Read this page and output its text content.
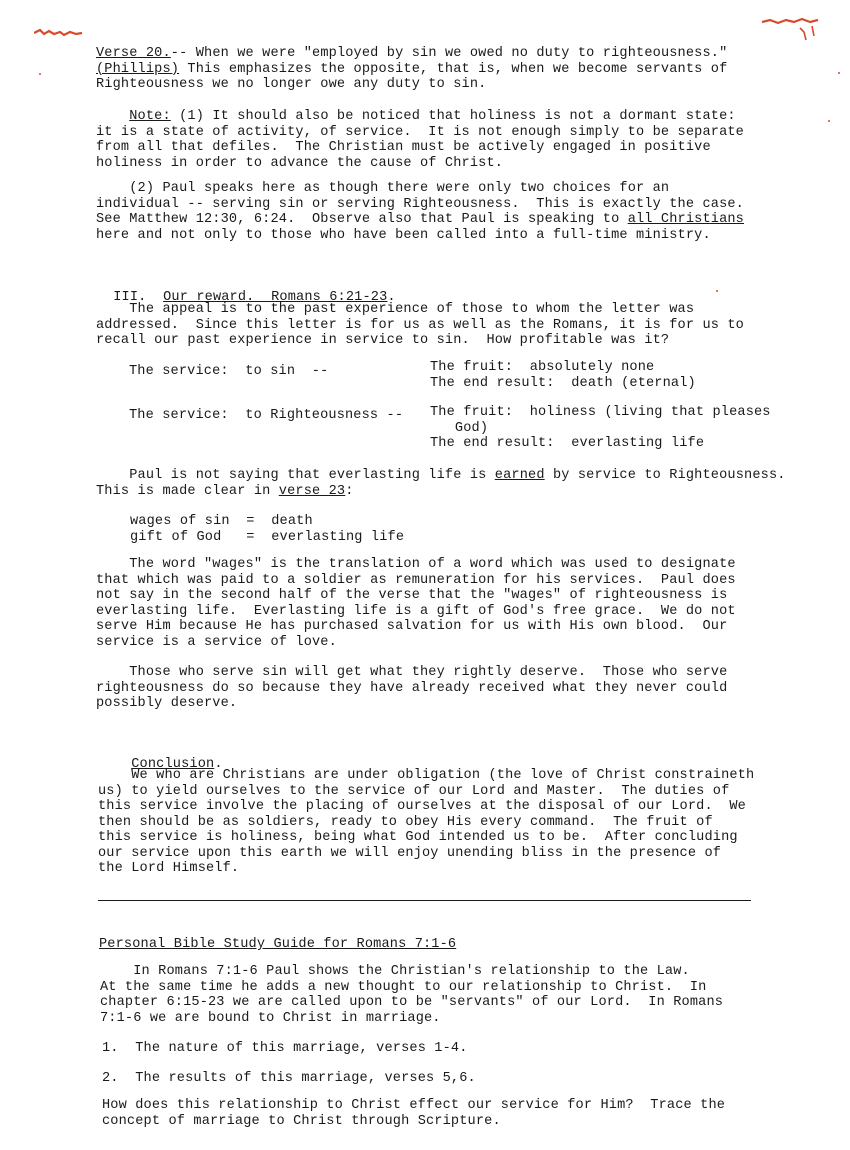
Verse 20.-- When we were "employed by sin we owed no duty to righteousness."

(Phillips) This emphasizes the opposite, that is, when we become servants of

Righteousness we no longer owe any duty to sin.

Note: (1) It should also be noticed that holiness is not a dormant state:

it is a state of activity, of service.  It is not enough simply to be separate

from all that defiles.  The Christian must be actively engaged in positive

holiness in order to advance the cause of Christ.

(2) Paul speaks here as though there were only two choices for an

individual -- serving sin or serving Righteousness.  This is exactly the case.

See Matthew 12:30, 6:24.  Observe also that Paul is speaking to all Christians

here and not only to those who have been called into a full-time ministry.

III. Our reward.  Romans 6:21-23.

The appeal is to the past experience of those to whom the letter was

addressed.  Since this letter is for us as well as the Romans, it is for us to

recall our past experience in service to sin.  How profitable was it?

The service:  to sin  --	The fruit:  absolutely none

The end result:  death (eternal)

The service:  to Righteousness -- The fruit:  holiness (living that pleases

God)

The end result:  everlasting life

Paul is not saying that everlasting life is earned by service to Righteousness.

This is made clear in verse 23:

wages of sin  =  death

gift of God   =  everlasting life

The word "wages" is the translation of a word which was used to designate

that which was paid to a soldier as remuneration for his services.  Paul does

not say in the second half of the verse that the "wages" of righteousness is

everlasting life.  Everlasting life is a gift of God's free grace.  We do not

serve Him because He has purchased salvation for us with His own blood.  Our

service is a service of love.

Those who serve sin will get what they rightly deserve.  Those who serve

righteousness do so because they have already received what they never could

possibly deserve.

Conclusion.

We who are Christians are under obligation (the love of Christ constraineth

us) to yield ourselves to the service of our Lord and Master.  The duties of

this service involve the placing of ourselves at the disposal of our Lord.  We

then should be as soldiers, ready to obey His every command.  The fruit of

this service is holiness, being what God intended us to be.  After concluding

our service upon this earth we will enjoy unending bliss in the presence of

the Lord Himself.

Personal Bible Study Guide for Romans 7:1-6

In Romans 7:1-6 Paul shows the Christian's relationship to the Law.

At the same time he adds a new thought to our relationship to Christ.  In

chapter 6:15-23 we are called upon to be "servants" of our Lord.  In Romans

7:1-6 we are bound to Christ in marriage.

1.  The nature of this marriage, verses 1-4.
2.  The results of this marriage, verses 5,6.

How does this relationship to Christ effect our service for Him?  Trace the

concept of marriage to Christ through Scripture.
